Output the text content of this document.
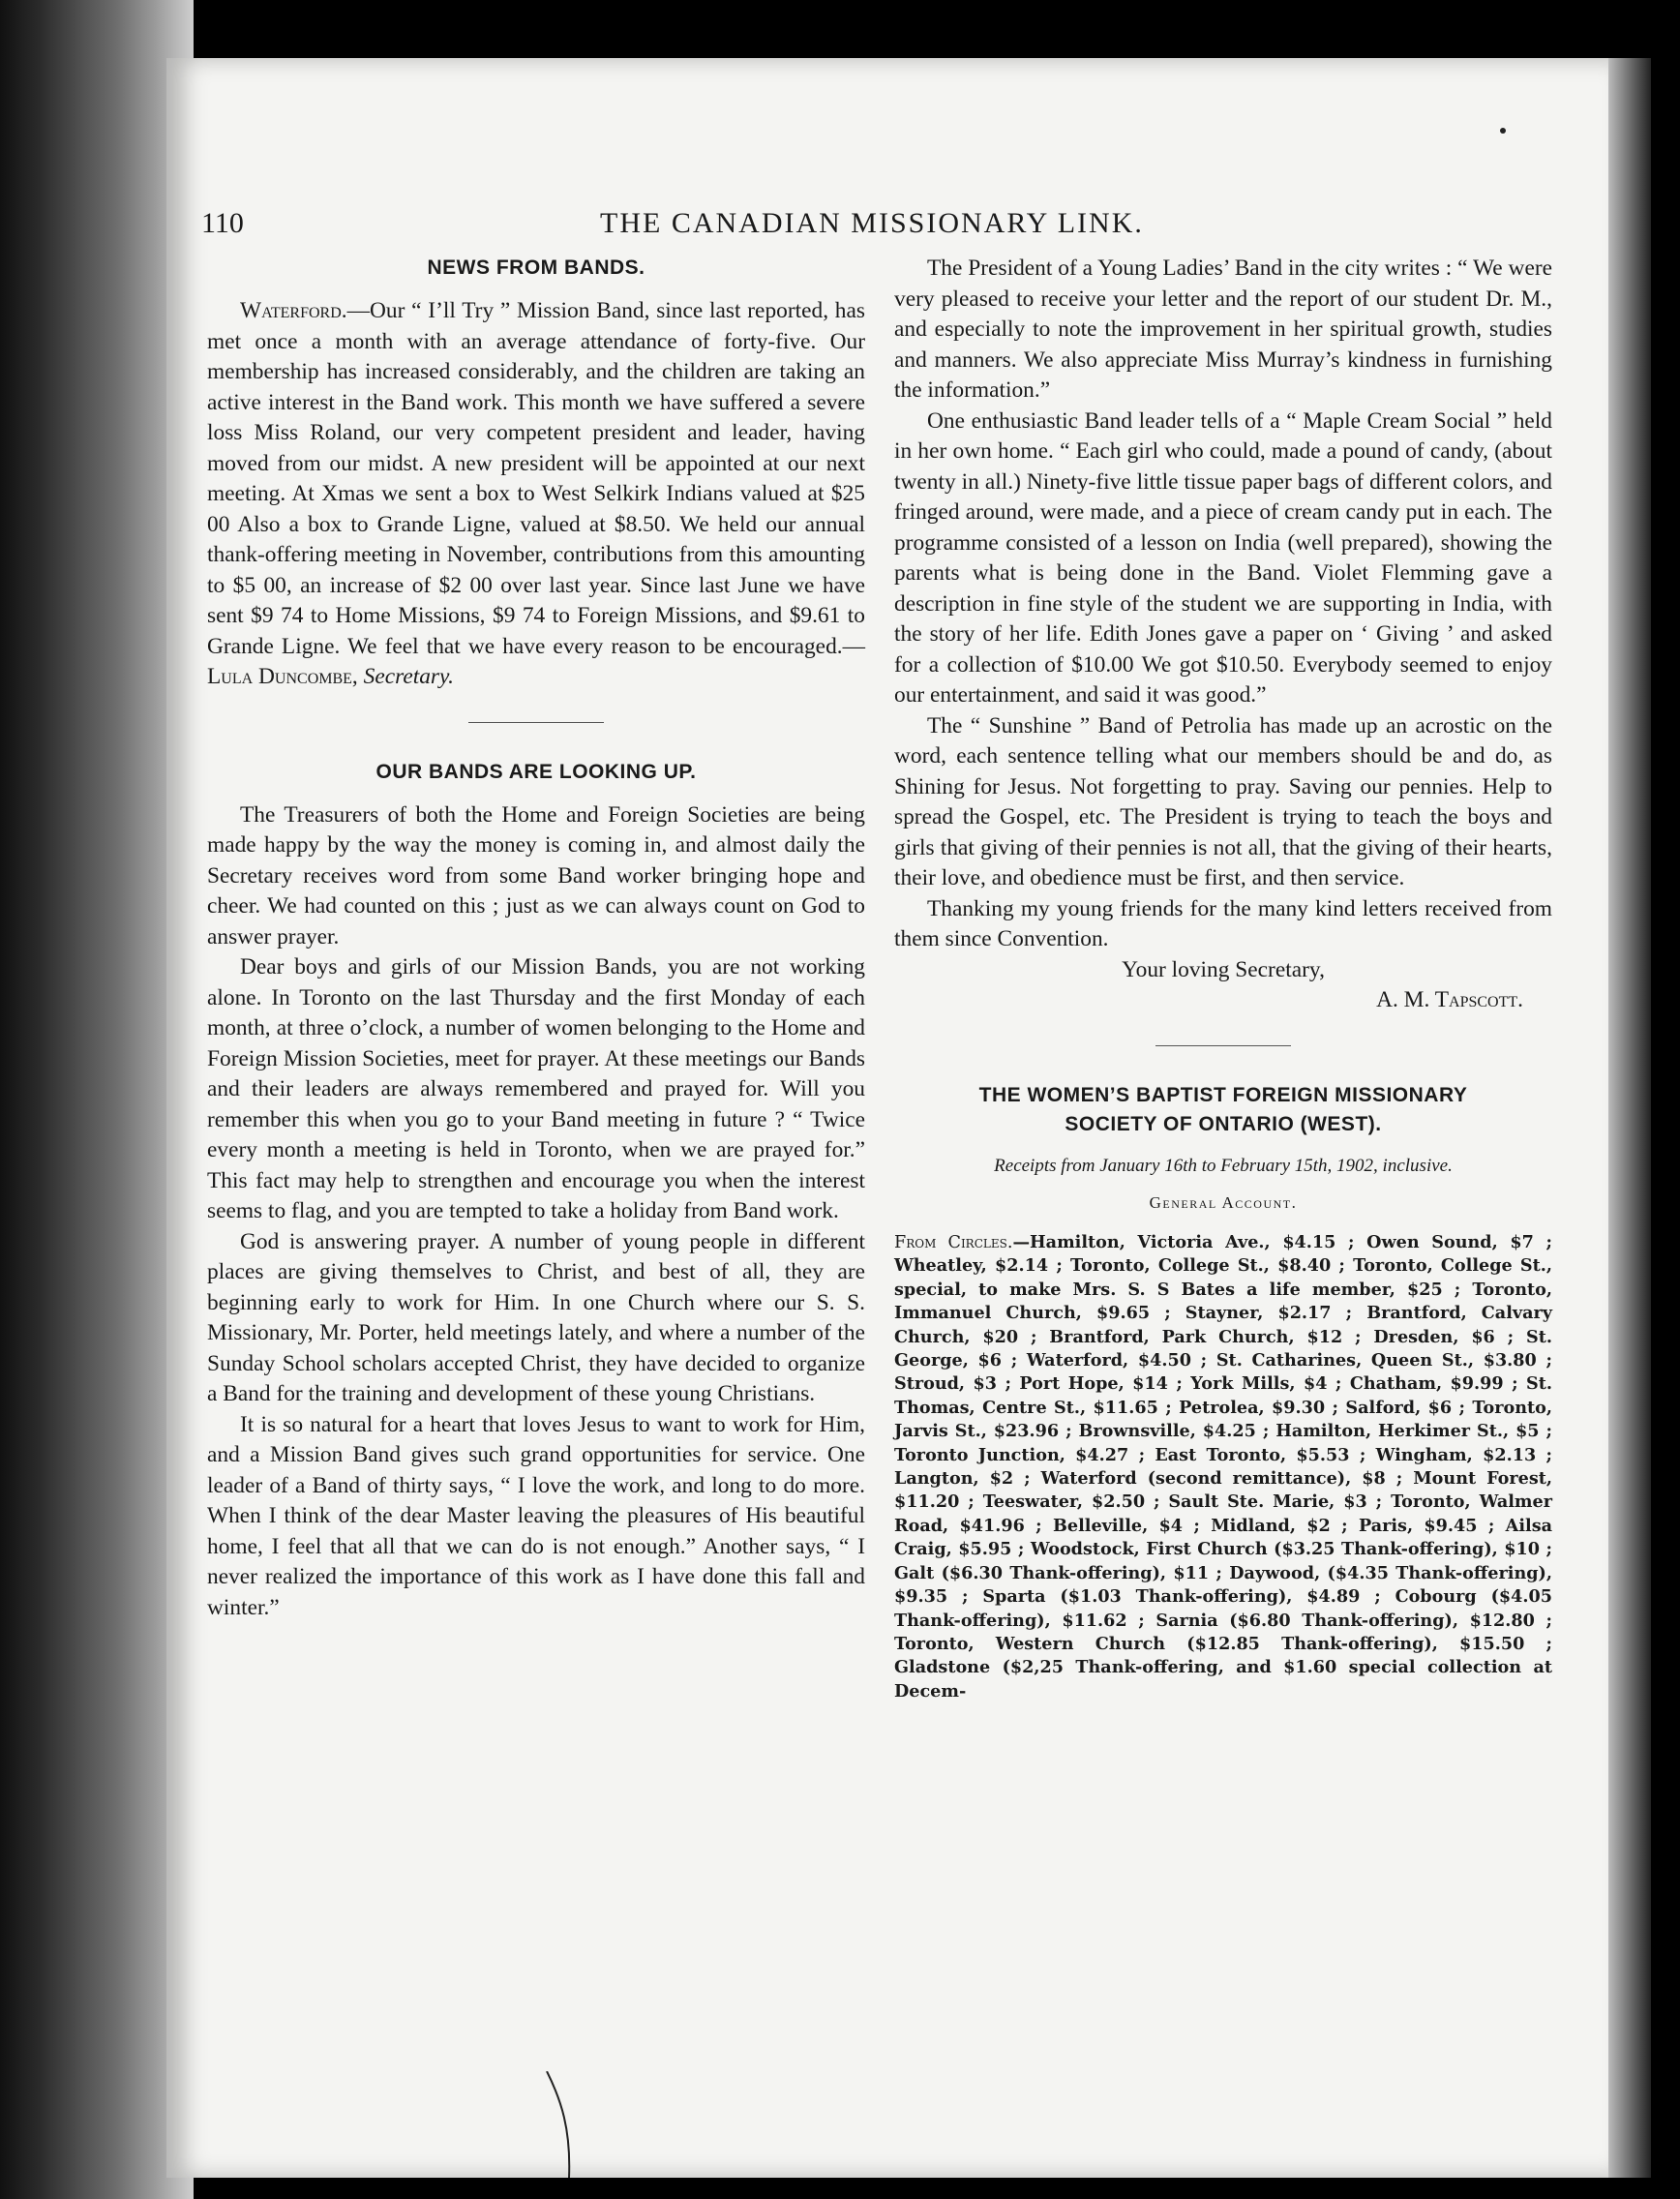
110	THE CANADIAN MISSIONARY LINK.
NEWS FROM BANDS.

Waterford.—Our “ I’ll Try ” Mission Band, since last reported, has met once a month with an average attendance of forty-five. Our membership has increased considerably, and the children are taking an active interest in the Band work. This month we have suffered a severe loss Miss Roland, our very competent president and leader, having moved from our midst. A new president will be appointed at our next meeting. At Xmas we sent a box to West Selkirk Indians valued at $25 00 Also a box to Grande Ligne, valued at $8.50. We held our annual thank-offering meeting in November, contributions from this amounting to $5 00, an increase of $2 00 over last year. Since last June we have sent $9 74 to Home Missions, $9 74 to Foreign Missions, and $9.61 to Grande Ligne. We feel that we have every reason to be encouraged.—Lula Duncombe, Secretary.

OUR BANDS ARE LOOKING UP.

The Treasurers of both the Home and Foreign Societies are being made happy by the way the money is coming in, and almost daily the Secretary receives word from some Band worker bringing hope and cheer. We had counted on this ; just as we can always count on God to answer prayer.

Dear boys and girls of our Mission Bands, you are not working alone. In Toronto on the last Thursday and the first Monday of each month, at three o’clock, a number of women belonging to the Home and Foreign Mission Societies, meet for prayer. At these meetings our Bands and their leaders are always remembered and prayed for. Will you remember this when you go to your Band meeting in future ? “ Twice every month a meeting is held in Toronto, when we are prayed for.” This fact may help to strengthen and encourage you when the interest seems to flag, and you are tempted to take a holiday from Band work.

God is answering prayer. A number of young people in different places are giving themselves to Christ, and best of all, they are beginning early to work for Him. In one Church where our S. S. Missionary, Mr. Porter, held meetings lately, and where a number of the Sunday School scholars accepted Christ, they have decided to organize a Band for the training and development of these young Christians.

It is so natural for a heart that loves Jesus to want to work for Him, and a Mission Band gives such grand opportunities for service. One leader of a Band of thirty says, “ I love the work, and long to do more. When I think of the dear Master leaving the pleasures of His beautiful home, I feel that all that we can do is not enough.” Another says, “ I never realized the importance of this work as I have done this fall and winter.”

The President of a Young Ladies’ Band in the city writes : “ We were very pleased to receive your letter and the report of our student Dr. M., and especially to note the improvement in her spiritual growth, studies and manners. We also appreciate Miss Murray’s kindness in furnishing the information.”

One enthusiastic Band leader tells of a “ Maple Cream Social ” held in her own home. “ Each girl who could, made a pound of candy, (about twenty in all.) Ninety-five little tissue paper bags of different colors, and fringed around, were made, and a piece of cream candy put in each. The programme consisted of a lesson on India (well prepared), showing the parents what is being done in the Band. Violet Flemming gave a description in fine style of the student we are supporting in India, with the story of her life. Edith Jones gave a paper on ‘ Giving ’ and asked for a collection of $10.00 We got $10.50. Everybody seemed to enjoy our entertainment, and said it was good.”

The “ Sunshine ” Band of Petrolia has made up an acrostic on the word, each sentence telling what our members should be and do, as Shining for Jesus. Not forgetting to pray. Saving our pennies. Help to spread the Gospel, etc. The President is trying to teach the boys and girls that giving of their pennies is not all, that the giving of their hearts, their love, and obedience must be first, and then service.

Thanking my young friends for the many kind letters received from them since Convention.

Your loving Secretary,

A. M. Tapscott.

THE WOMEN’S BAPTIST FOREIGN MISSIONARY
SOCIETY OF ONTARIO (WEST).
Receipts from January 16th to February 15th, 1902, inclusive.
General Account.
From Circles.—Hamilton, Victoria Ave., $4.15 ; Owen Sound, $7 ; Wheatley, $2.14 ; Toronto, College St., $8.40 ; Toronto, College St., special, to make Mrs. S. S Bates a life member, $25 ; Toronto, Immanuel Church, $9.65 ; Stayner, $2.17 ; Brantford, Calvary Church, $20 ; Brantford, Park Church, $12 ; Dresden, $6 ; St. George, $6 ; Waterford, $4.50 ; St. Catharines, Queen St., $3.80 ; Stroud, $3 ; Port Hope, $14 ; York Mills, $4 ; Chatham, $9.99 ; St. Thomas, Centre St., $11.65 ; Petrolea, $9.30 ; Salford, $6 ; Toronto, Jarvis St., $23.96 ; Brownsville, $4.25 ; Hamilton, Herkimer St., $5 ; Toronto Junction, $4.27 ; East Toronto, $5.53 ; Wingham, $2.13 ; Langton, $2 ; Waterford (second remittance), $8 ; Mount Forest, $11.20 ; Teeswater, $2.50 ; Sault Ste. Marie, $3 ; Toronto, Walmer Road, $41.96 ; Belleville, $4 ; Midland, $2 ; Paris, $9.45 ; Ailsa Craig, $5.95 ; Woodstock, First Church ($3.25 Thank-offering), $10 ; Galt ($6.30 Thank-offering), $11 ; Daywood, ($4.35 Thank-offering), $9.35 ; Sparta ($1.03 Thank-offering), $4.89 ; Cobourg ($4.05 Thank-offering), $11.62 ; Sarnia ($6.80 Thank-offering), $12.80 ; Toronto, Western Church ($12.85 Thank-offering), $15.50 ; Gladstone ($2,25 Thank-offering, and $1.60 special collection at Decem-
